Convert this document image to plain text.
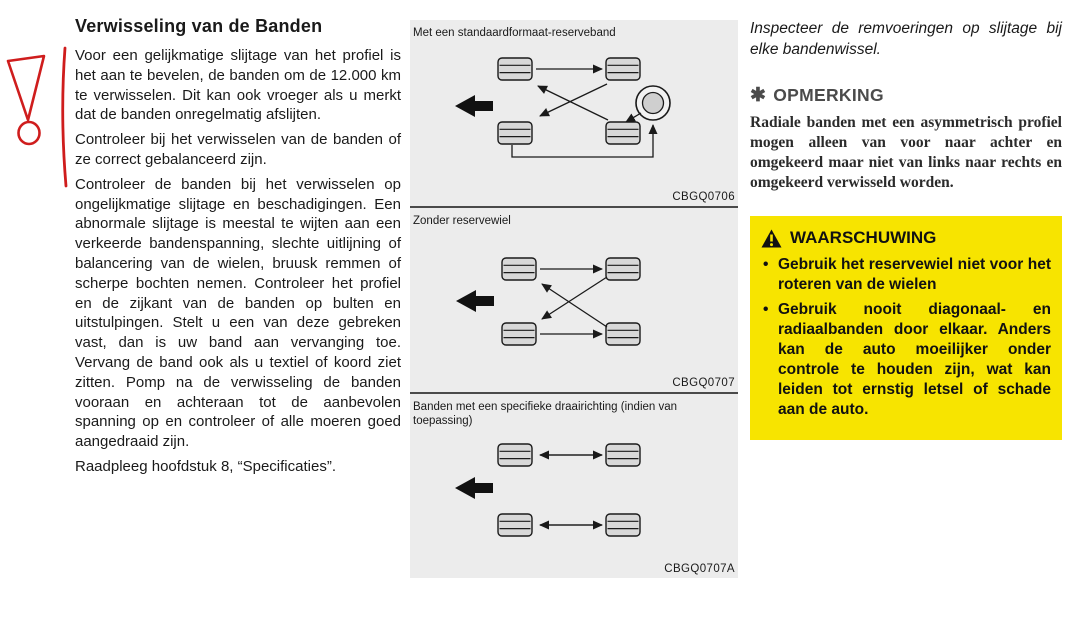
Verwisseling van de Banden

Voor een gelijkmatige slijtage van het profiel is het aan te bevelen, de banden om de 12.000 km te verwisselen. Dit kan ook vroeger als u merkt dat de banden onregelmatig afslijten.

Controleer bij het verwisselen van de banden of ze correct gebalanceerd zijn.

Controleer de banden bij het verwisselen op ongelijkmatige slijtage en beschadigingen. Een abnormale slijtage is meestal te wijten aan een verkeerde bandenspanning, slechte uitlijning of balancering van de wielen, bruusk remmen of scherpe bochten nemen. Controleer het profiel en de zijkant van de banden op bulten en uitstulpingen. Stelt u een van deze gebreken vast, dan is uw band aan vervanging toe. Vervang de band ook als u textiel of koord ziet zitten. Pomp na de verwisseling de banden vooraan en achteraan tot de aanbevolen spanning op en controleer of alle moeren goed aangedraaid zijn.

Raadpleeg hoofdstuk 8, “Specificaties”.

Met een standaardformaat-reserveband
CBGQ0706
Zonder reservewiel
CBGQ0707
Banden met een specifieke draairichting (indien van toepassing)
CBGQ0707A

Inspecteer de remvoeringen op slijtage bij elke bandenwissel.

✱ OPMERKING
Radiale banden met een asymmetrisch profiel mogen alleen van voor naar achter en omgekeerd maar niet van links naar rechts en omgekeerd verwisseld worden.
WAARSCHUWING
• Gebruik het reservewiel niet voor het roteren van de wielen
• Gebruik nooit diagonaal- en radiaalbanden door elkaar. Anders kan de auto moeilijker onder controle te houden zijn, wat kan leiden tot ernstig letsel of schade aan de auto.
